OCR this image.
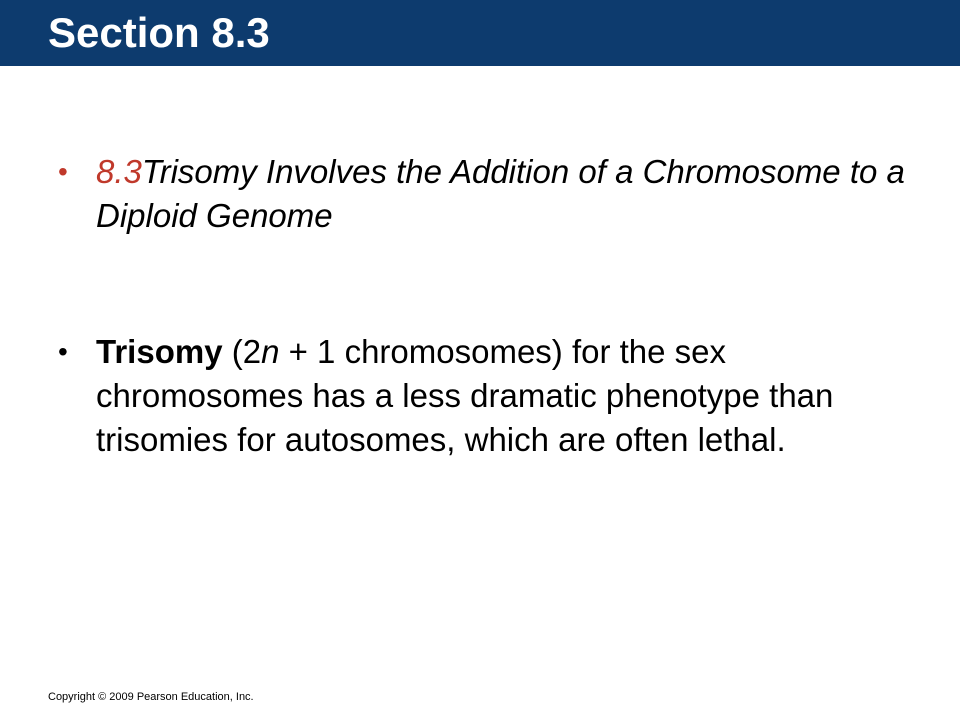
Section 8.3
• 8.3Trisomy Involves the Addition of a Chromosome to a Diploid Genome
• Trisomy (2n + 1 chromosomes) for the sex chromosomes has a less dramatic phenotype than trisomies for autosomes, which are often lethal.
Copyright © 2009 Pearson Education, Inc.
